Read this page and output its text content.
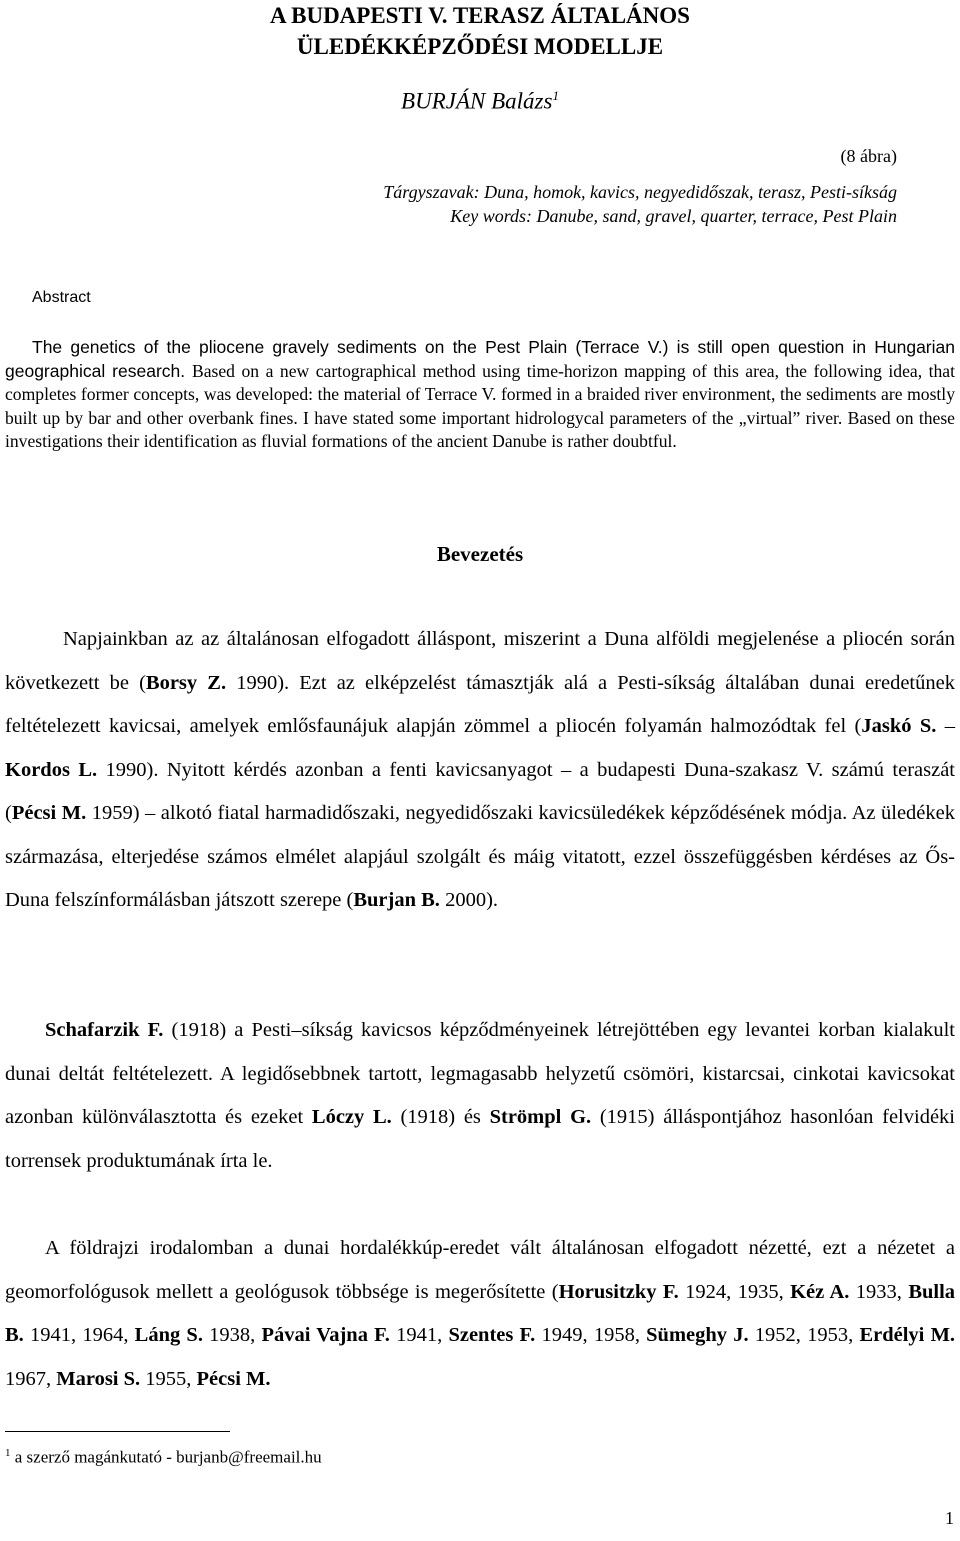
A BUDAPESTI V. TERASZ ÁLTALÁNOS
ÜLEDÉKKÉPZŐDÉSI MODELLJE
BURJÁN Balázs$^1$
(8 ábra)
Tárgyszavak: Duna, homok, kavics, negyedidőszak, terasz, Pesti-síkság
Key words: Danube, sand, gravel, quarter, terrace, Pest Plain
Abstract
The genetics of the pliocene gravely sediments on the Pest Plain (Terrace V.) is still open question in Hungarian geographical research. Based on a new cartographical method using time-horizon mapping of this area, the following idea, that completes former concepts, was developed: the material of Terrace V. formed in a braided river environment, the sediments are mostly built up by bar and other overbank fines. I have stated some important hidrologycal parameters of the „virtual” river. Based on these investigations their identification as fluvial formations of the ancient Danube is rather doubtful.
Bevezetés

Napjainkban az az általánosan elfogadott álláspont, miszerint a Duna alföldi megjelenése a pliocén során következett be (Borsy Z. 1990). Ezt az elképzelést támasztják alá a Pesti-síkság általában dunai eredetűnek feltételezett kavicsai, amelyek emlősfaunájuk alapján zömmel a pliocén folyamán halmozódtak fel (Jaskó S. – Kordos L. 1990). Nyitott kérdés azonban a fenti kavicsanyagot – a budapesti Duna-szakasz V. számú teraszát (Pécsi M. 1959) – alkotó fiatal harmadidőszaki, negyedidőszaki kavicsüledékek képződésének módja. Az üledékek származása, elterjedése számos elmélet alapjául szolgált és máig vitatott, ezzel összefüggésben kérdéses az Ős-Duna felszínformálásban játszott szerepe (Burjan B. 2000).

Schafarzik F. (1918) a Pesti–síkság kavicsos képződményeinek létrejöttében egy levantei korban kialakult dunai deltát feltételezett. A legidősebbnek tartott, legmagasabb helyzetű csömöri, kistarcsai, cinkotai kavicsokat azonban különválasztotta és ezeket Lóczy L. (1918) és Strömpl G. (1915) álláspontjához hasonlóan felvidéki torrensek produktumának írta le.

A földrajzi irodalomban a dunai hordalékkúp-eredet vált általánosan elfogadott nézetté, ezt a nézetet a geomorfológusok mellett a geológusok többsége is megerősítette (Horusitzky F. 1924, 1935, Kéz A. 1933, Bulla B. 1941, 1964, Láng S. 1938, Pávai Vajna F. 1941, Szentes F. 1949, 1958, Sümeghy J. 1952, 1953, Erdélyi M. 1967, Marosi S. 1955, Pécsi M.

$^1$ a szerző magánkutató - burjanb@freemail.hu
1
